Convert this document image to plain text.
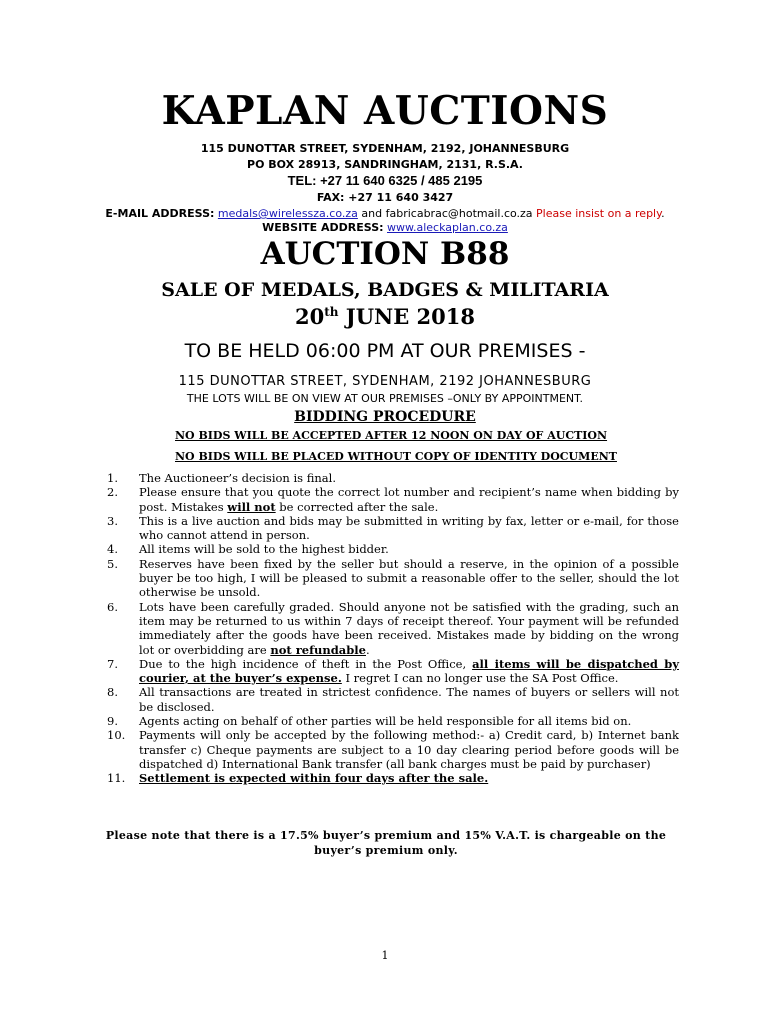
KAPLAN AUCTIONS
115 DUNOTTAR STREET, SYDENHAM, 2192, JOHANNESBURG
PO BOX 28913, SANDRINGHAM, 2131, R.S.A.
TEL: +27 11 640 6325 / 485 2195
FAX: +27 11 640 3427
E-MAIL ADDRESS: medals@wirelessza.co.za and fabricabrac@hotmail.co.za Please insist on a reply.
WEBSITE ADDRESS: www.aleckaplan.co.za
AUCTION B88
SALE OF MEDALS, BADGES & MILITARIA
20th JUNE 2018
TO BE HELD 06:00 PM AT OUR PREMISES -
115 DUNOTTAR STREET, SYDENHAM, 2192 JOHANNESBURG
THE LOTS WILL BE ON VIEW AT OUR PREMISES –ONLY BY APPOINTMENT.
BIDDING PROCEDURE
NO BIDS WILL BE ACCEPTED AFTER 12 NOON ON DAY OF AUCTION
NO BIDS WILL BE PLACED WITHOUT COPY OF IDENTITY DOCUMENT
1.	The Auctioneer’s decision is final.
2.	Please ensure that you quote the correct lot number and recipient’s name when bidding by post. Mistakes will not be corrected after the sale.
3.	This is a live auction and bids may be submitted in writing by fax, letter or e-mail, for those who cannot attend in person.
4.	All items will be sold to the highest bidder.
5.	Reserves have been fixed by the seller but should a reserve, in the opinion of a possible buyer be too high, I will be pleased to submit a reasonable offer to the seller, should the lot otherwise be unsold.
6.	Lots have been carefully graded. Should anyone not be satisfied with the grading, such an item may be returned to us within 7 days of receipt thereof. Your payment will be refunded immediately after the goods have been received. Mistakes made by bidding on the wrong lot or overbidding are not refundable.
7.	Due to the high incidence of theft in the Post Office, all items will be dispatched by courier, at the buyer’s expense. I regret I can no longer use the SA Post Office.
8.	All transactions are treated in strictest confidence. The names of buyers or sellers will not be disclosed.
9.	Agents acting on behalf of other parties will be held responsible for all items bid on.
10.	Payments will only be accepted by the following method:- a) Credit card, b) Internet bank transfer c) Cheque payments are subject to a 10 day clearing period before goods will be dispatched d) International Bank transfer (all bank charges must be paid by purchaser)
11.	Settlement is expected within four days after the sale.
Please note that there is a 17.5% buyer’s premium and 15% V.A.T. is chargeable on the buyer’s premium only.
1
